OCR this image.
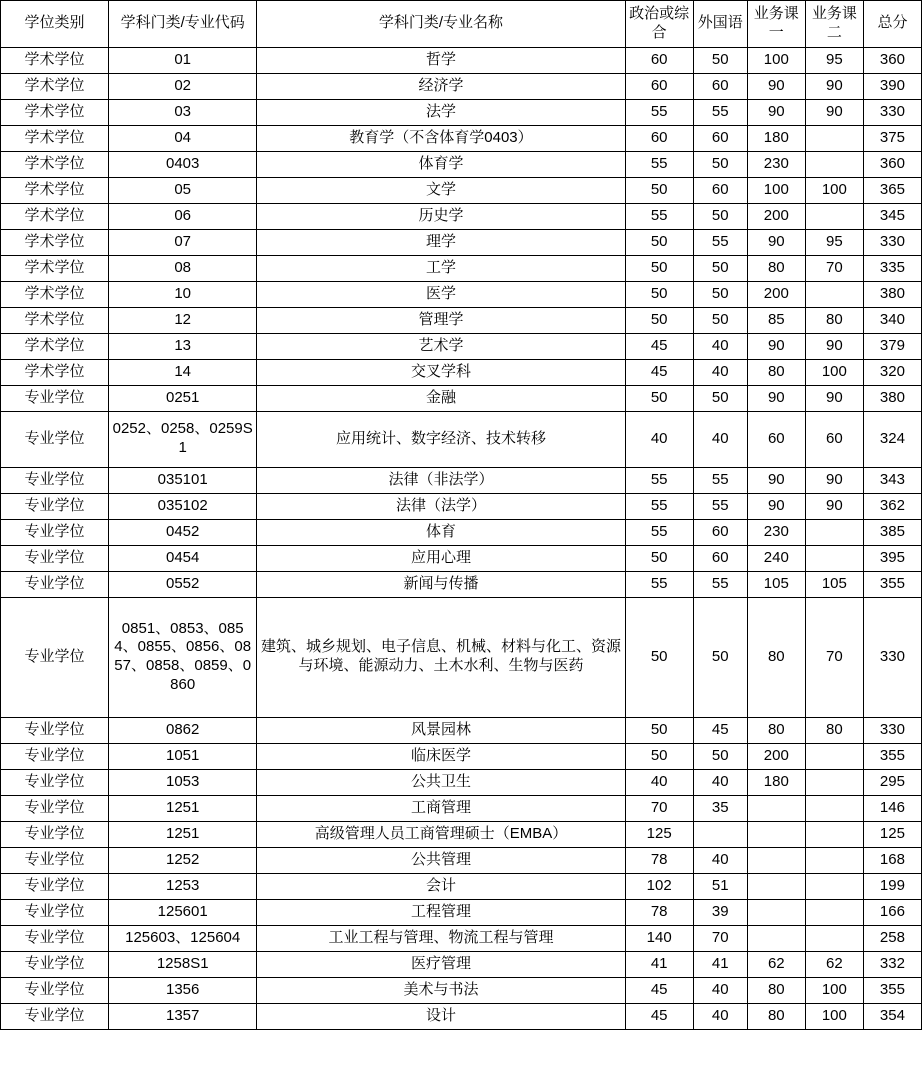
学位类别	学科门类/专业代码	学科门类/专业名称	政治或综合	外国语	业务课一	业务课二	总分
学术学位	01	哲学	60	50	100	95	360
学术学位	02	经济学	60	60	90	90	390
学术学位	03	法学	55	55	90	90	330
学术学位	04	教育学（不含体育学0403）	60	60	180		375
学术学位	0403	体育学	55	50	230		360
学术学位	05	文学	50	60	100	100	365
学术学位	06	历史学	55	50	200		345
学术学位	07	理学	50	55	90	95	330
学术学位	08	工学	50	50	80	70	335
学术学位	10	医学	50	50	200		380
学术学位	12	管理学	50	50	85	80	340
学术学位	13	艺术学	45	40	90	90	379
学术学位	14	交叉学科	45	40	80	100	320
专业学位	0251	金融	50	50	90	90	380
专业学位	0252、0258、0259S1	应用统计、数字经济、技术转移	40	40	60	60	324
专业学位	035101	法律（非法学）	55	55	90	90	343
专业学位	035102	法律（法学）	55	55	90	90	362
专业学位	0452	体育	55	60	230		385
专业学位	0454	应用心理	50	60	240		395
专业学位	0552	新闻与传播	55	55	105	105	355
专业学位	0851、0853、0854、0855、0856、0857、0858、0859、0860	建筑、城乡规划、电子信息、机械、材料与化工、资源与环境、能源动力、土木水利、生物与医药	50	50	80	70	330
专业学位	0862	风景园林	50	45	80	80	330
专业学位	1051	临床医学	50	50	200		355
专业学位	1053	公共卫生	40	40	180		295
专业学位	1251	工商管理	70	35			146
专业学位	1251	高级管理人员工商管理硕士（EMBA）	125				125
专业学位	1252	公共管理	78	40			168
专业学位	1253	会计	102	51			199
专业学位	125601	工程管理	78	39			166
专业学位	125603、125604	工业工程与管理、物流工程与管理	140	70			258
专业学位	1258S1	医疗管理	41	41	62	62	332
专业学位	1356	美术与书法	45	40	80	100	355
专业学位	1357	设计	45	40	80	100	354
